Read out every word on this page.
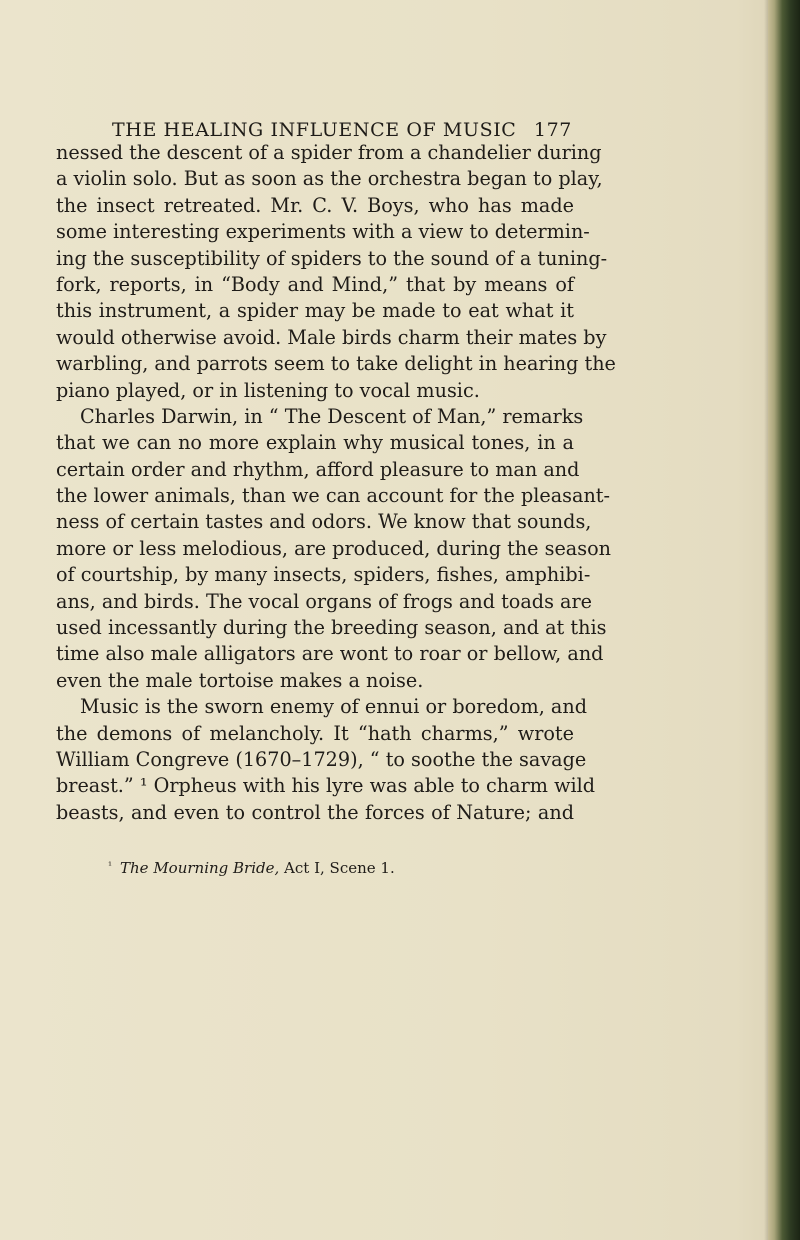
THE HEALING INFLUENCE OF MUSIC 177
nessed the descent of a spider from a chandelier during
a violin solo. But as soon as the orchestra began to play,
the insect retreated. Mr. C. V. Boys, who has made
some interesting experiments with a view to determin-
ing the susceptibility of spiders to the sound of a tuning-
fork, reports, in “Body and Mind,” that by means of
this instrument, a spider may be made to eat what it
would otherwise avoid. Male birds charm their mates by
warbling, and parrots seem to take delight in hearing the
piano played, or in listening to vocal music.
Charles Darwin, in “ The Descent of Man,” remarks
that we can no more explain why musical tones, in a
certain order and rhythm, afford pleasure to man and
the lower animals, than we can account for the pleasant-
ness of certain tastes and odors. We know that sounds,
more or less melodious, are produced, during the season
of courtship, by many insects, spiders, fishes, amphibi-
ans, and birds. The vocal organs of frogs and toads are
used incessantly during the breeding season, and at this
time also male alligators are wont to roar or bellow, and
even the male tortoise makes a noise.
Music is the sworn enemy of ennui or boredom, and
the demons of melancholy. It “hath charms,” wrote
William Congreve (1670–1729), “ to soothe the savage
breast.” ¹ Orpheus with his lyre was able to charm wild
beasts, and even to control the forces of Nature; and
$^{^1}$ The Mourning Bride, Act I, Scene 1.
